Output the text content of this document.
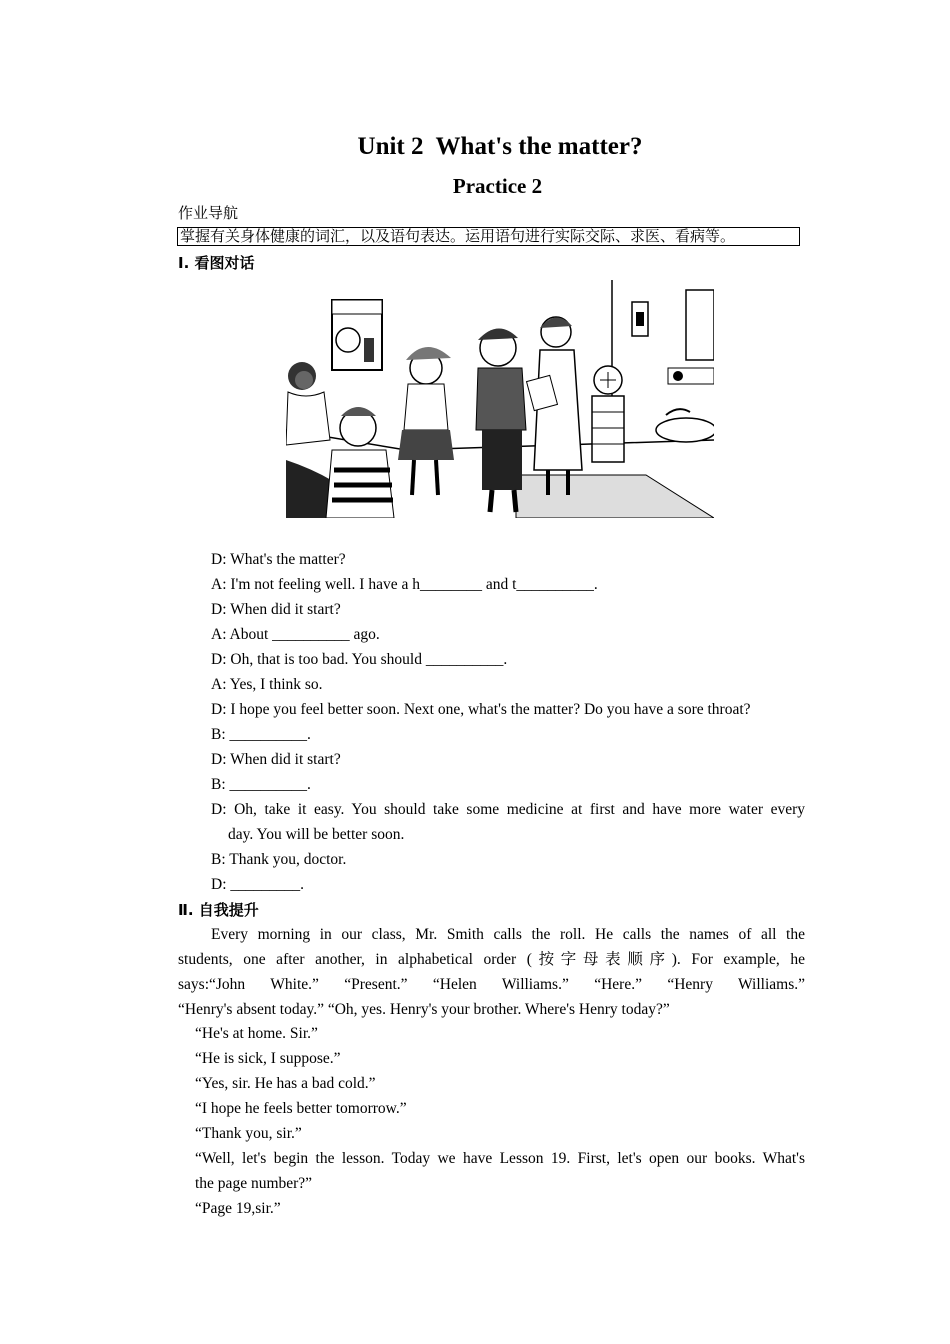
Unit 2  What's the matter?
Practice 2
作业导航
掌握有关身体健康的词汇，以及语句表达。运用语句进行实际交际、求医、看病等。
Ⅰ. 看图对话
D: What's the matter?
A: I'm not feeling well. I have a h________ and t__________.
D: When did it start?
A: About __________ ago.
D: Oh, that is too bad. You should __________.
A: Yes, I think so.
D: I hope you feel better soon. Next one, what's the matter? Do you have a sore throat?
B: __________.
D: When did it start?
B: __________.
D: Oh, take it easy. You should take some medicine at first and have more water every
day. You will be better soon.
B: Thank you, doctor.
D: _________.
Ⅱ. 自我提升
Every morning in our class, Mr. Smith calls the roll. He calls the names of all the
students, one after another, in alphabetical order (按字母表顺序). For example, he
says:“John White.” “Present.” “Helen Williams.” “Here.” “Henry Williams.”
“Henry's absent today.” “Oh, yes. Henry's your brother. Where's Henry today?”
“He's at home. Sir.”
“He is sick, I suppose.”
“Yes, sir. He has a bad cold.”
“I hope he feels better tomorrow.”
“Thank you, sir.”
“Well, let's begin the lesson. Today we have Lesson 19. First, let's open our books. What's
the page number?”
“Page 19,sir.”
